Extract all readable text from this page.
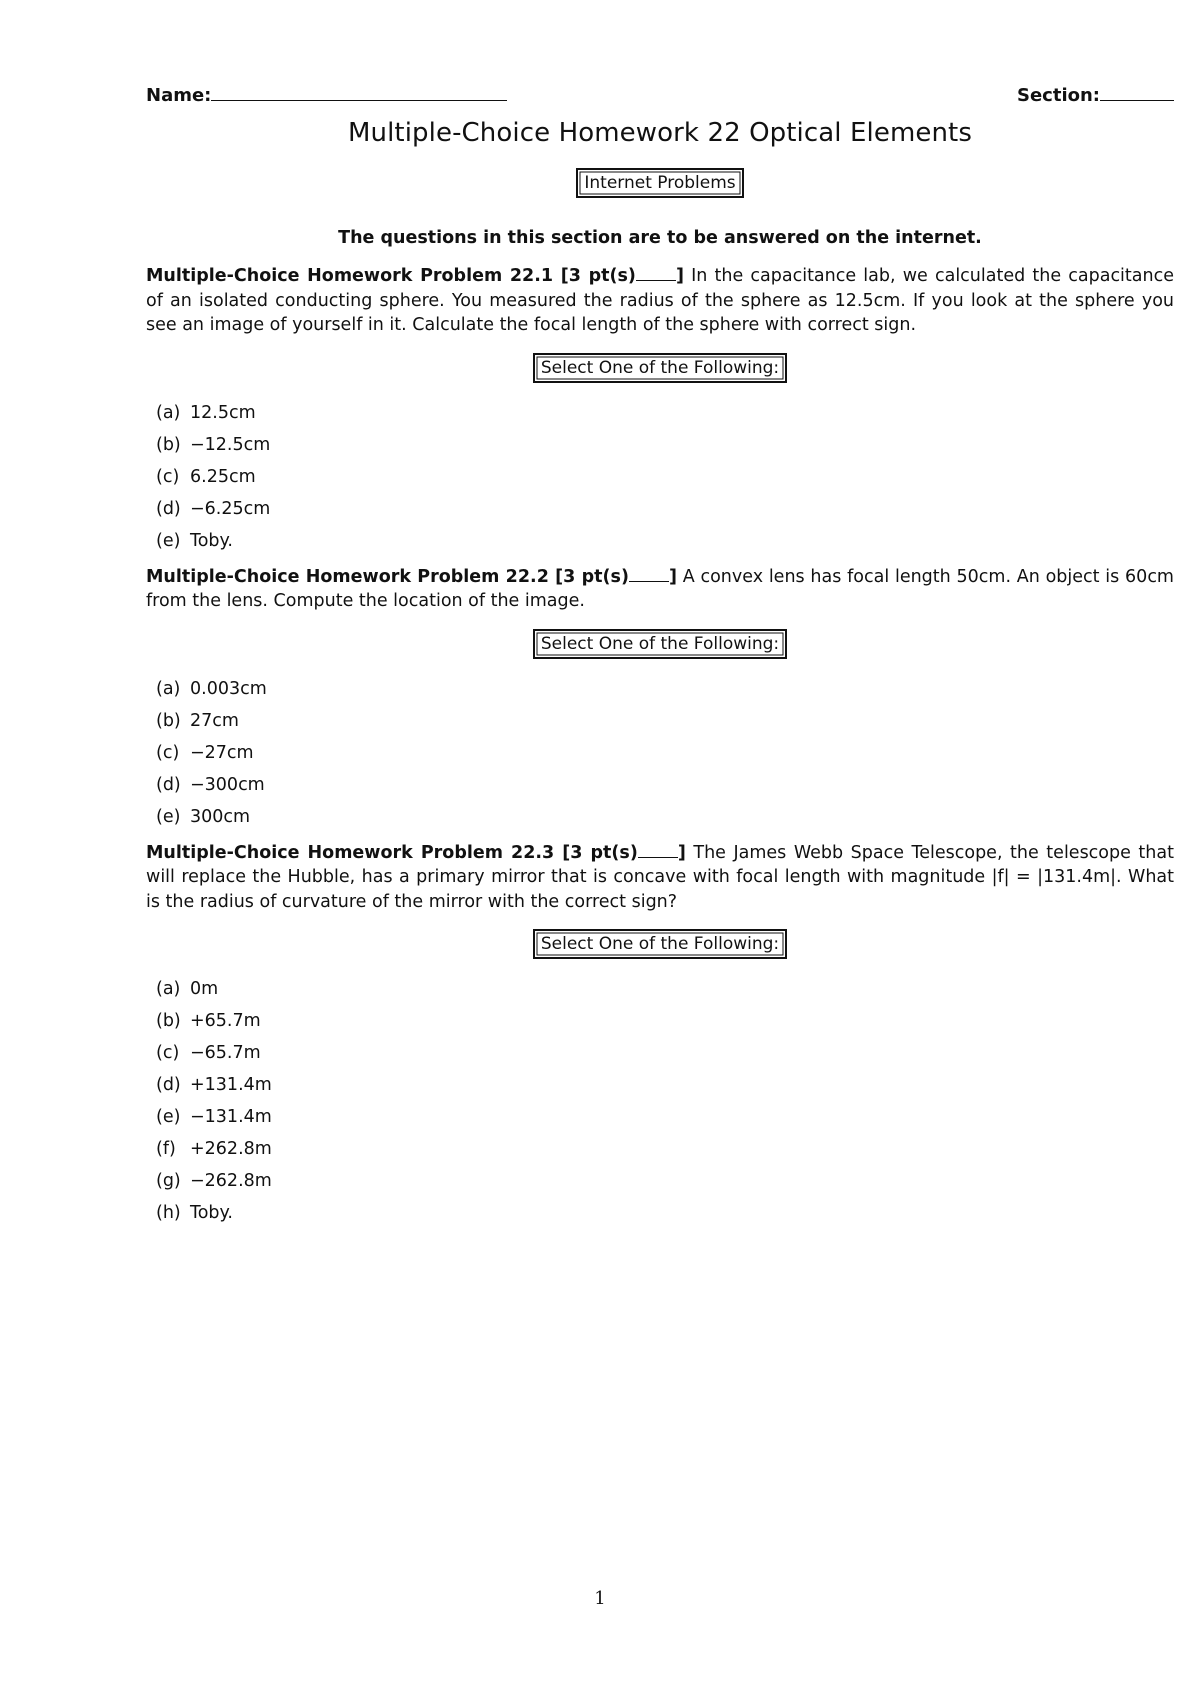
Name:	Section:
Multiple-Choice Homework 22 Optical Elements
Internet Problems
The questions in this section are to be answered on the internet.
Multiple-Choice Homework Problem 22.1 [3 pt(s) ] In the capacitance lab, we calculated the capacitance of an isolated conducting sphere. You measured the radius of the sphere as 12.5cm. If you look at the sphere you see an image of yourself in it. Calculate the focal length of the sphere with correct sign.
Select One of the Following:
(a) 12.5cm
(b) −12.5cm
(c) 6.25cm
(d) −6.25cm
(e) Toby.
Multiple-Choice Homework Problem 22.2 [3 pt(s) ] A convex lens has focal length 50cm. An object is 60cm from the lens. Compute the location of the image.
Select One of the Following:
(a) 0.003cm
(b) 27cm
(c) −27cm
(d) −300cm
(e) 300cm
Multiple-Choice Homework Problem 22.3 [3 pt(s) ] The James Webb Space Telescope, the telescope that will replace the Hubble, has a primary mirror that is concave with focal length with magnitude |f| = |131.4m|. What is the radius of curvature of the mirror with the correct sign?
Select One of the Following:
(a) 0m
(b) +65.7m
(c) −65.7m
(d) +131.4m
(e) −131.4m
(f) +262.8m
(g) −262.8m
(h) Toby.
1
